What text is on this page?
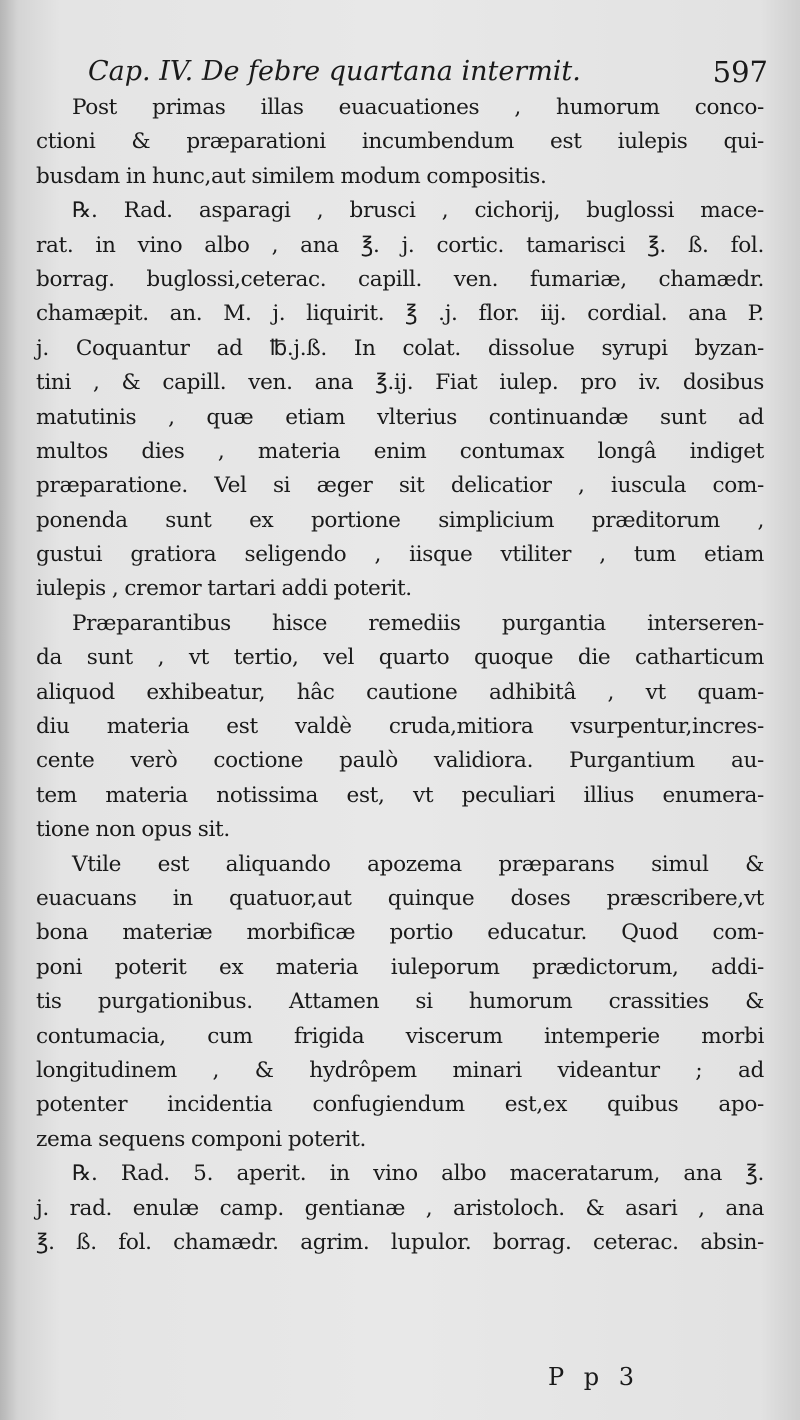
Cap. IV. De febre quartana intermit.	597
Post primas illas euacuationes , humorum conco-
ctioni & præparationi incumbendum est iulepis qui-
busdam in hunc,aut similem modum compositis.
℞. Rad. asparagi , brusci , cichorij, buglossi mace-
rat. in vino albo , ana ℥. j. cortic. tamarisci ℥. ß. fol.
borrag. buglossi,ceterac. capill. ven. fumariæ, chamædr.
chamæpit. an. M. j. liquirit. ℥ .j. flor. iij. cordial. ana P.
j. Coquantur ad ℔.j.ß. In colat. dissolue syrupi byzan-
tini , & capill. ven. ana ℥.ij. Fiat iulep. pro iv. dosibus
matutinis , quæ etiam vlterius continuandæ sunt ad
multos dies , materia enim contumax longâ indiget
præparatione. Vel si æger sit delicatior , iuscula com-
ponenda sunt ex portione simplicium præditorum ,
gustui gratiora seligendo , iisque vtiliter , tum etiam
iulepis , cremor tartari addi poterit.
Præparantibus hisce remediis purgantia interseren-
da sunt , vt tertio, vel quarto quoque die catharticum
aliquod exhibeatur, hâc cautione adhibitâ , vt quam-
diu materia est valdè cruda,mitiora vsurpentur,incres-
cente verò coctione paulò validiora. Purgantium au-
tem materia notissima est, vt peculiari illius enumera-
tione non opus sit.
Vtile est aliquando apozema præparans simul &
euacuans in quatuor,aut quinque doses præscribere,vt
bona materiæ morbificæ portio educatur. Quod com-
poni poterit ex materia iuleporum prædictorum, addi-
tis purgationibus. Attamen si humorum crassities &
contumacia, cum frigida viscerum intemperie morbi
longitudinem , & hydrôpem minari videantur ; ad
potenter incidentia confugiendum est,ex quibus apo-
zema sequens componi poterit.
℞. Rad. 5. aperit. in vino albo maceratarum, ana ℥.
j. rad. enulæ camp. gentianæ , aristoloch. & asari , ana
℥. ß. fol. chamædr. agrim. lupulor. borrag. ceterac. absin-
P p 3
